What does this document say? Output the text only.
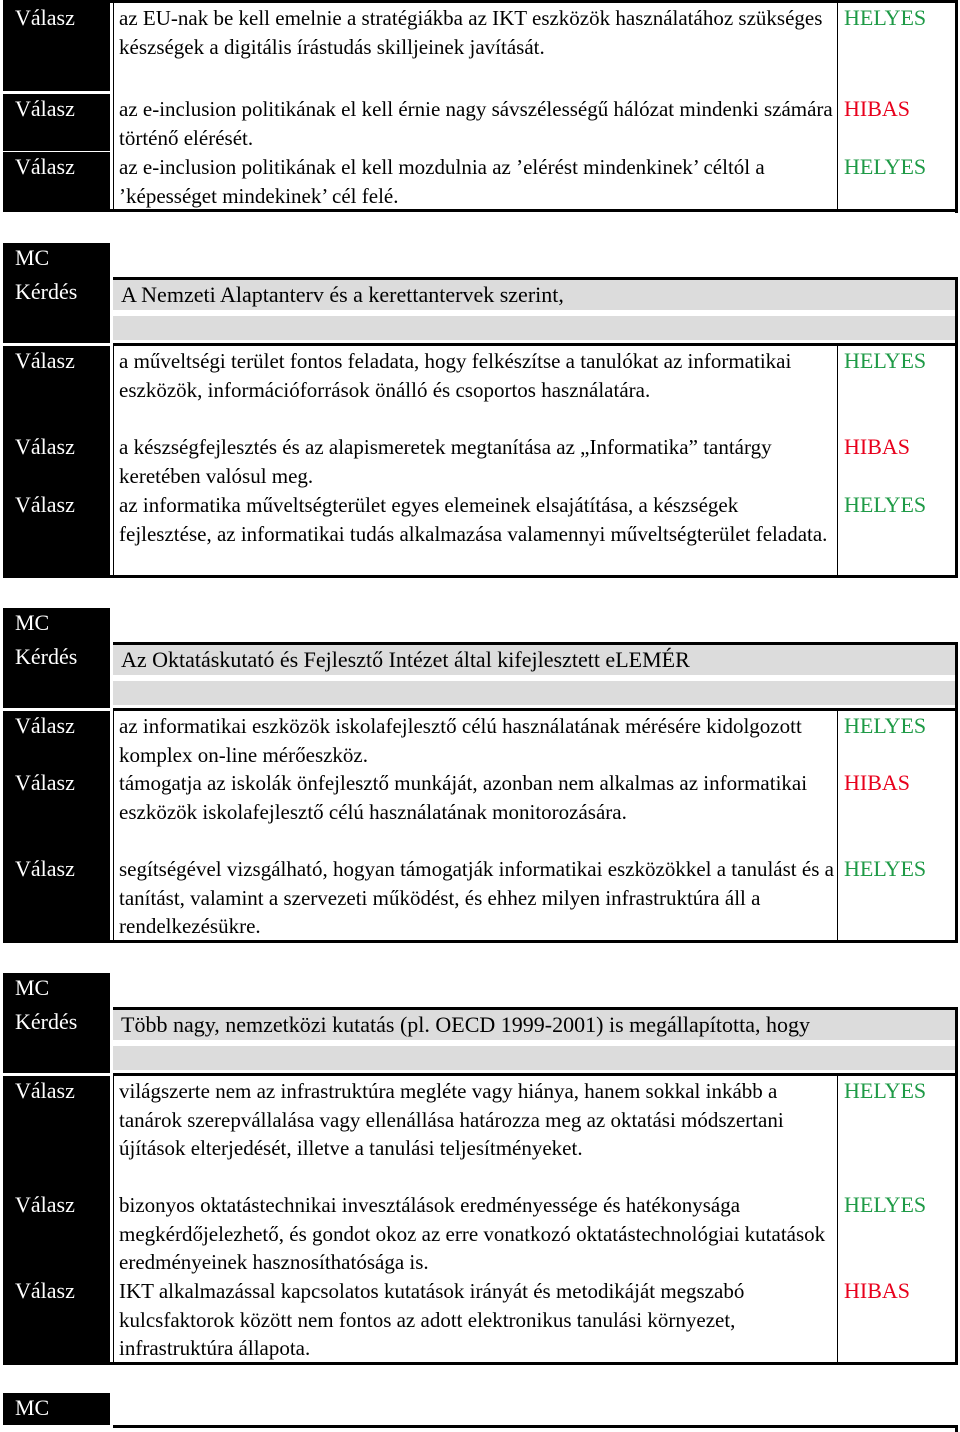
Válasz	az EU-nak be kell emelnie a stratégiákba az IKT eszközök használatához szükséges készségek a digitális írástudás skilljeinek javítását.
HELYES
Válasz	az e-inclusion politikának el kell érnie nagy sávszélességű hálózat mindenki számára történő elérését.
HIBAS
Válasz	az e-inclusion politikának el kell mozdulnia az ’elérést mindenkinek’ céltól a ’képességet mindekinek’ cél felé.
HELYES
MC
Kérdés	A Nemzeti Alaptanterv és a kerettantervek szerint,
Válasz	a műveltségi terület fontos feladata, hogy felkészítse a tanulókat az informatikai eszközök, információforrások önálló és csoportos használatára.
HELYES
Válasz	a készségfejlesztés és az alapismeretek megtanítása az „Informatika” tantárgy keretében valósul meg.
HIBAS
Válasz	az informatika műveltségterület egyes elemeinek elsajátítása, a készségek fejlesztése, az informatikai tudás alkalmazása valamennyi műveltségterület feladata.
HELYES
MC
Kérdés	Az Oktatáskutató és Fejlesztő Intézet által kifejlesztett eLEMÉR
Válasz	az informatikai eszközök iskolafejlesztő célú használatának mérésére kidolgozott komplex on-line mérőeszköz.
HELYES
Válasz	támogatja az iskolák önfejlesztő munkáját, azonban nem alkalmas az informatikai eszközök iskolafejlesztő célú használatának monitorozására.
HIBAS
Válasz	segítségével vizsgálható, hogyan támogatják informatikai eszközökkel a tanulást és a tanítást, valamint a szervezeti működést, és ehhez milyen infrastruktúra áll a rendelkezésükre.
HELYES
MC
Kérdés	Több nagy, nemzetközi kutatás (pl. OECD 1999-2001) is megállapította, hogy
Válasz	világszerte nem az infrastruktúra megléte vagy hiánya, hanem sokkal inkább a tanárok szerepvállalása vagy ellenállása határozza meg az oktatási módszertani újítások elterjedését, illetve a tanulási teljesítményeket.
HELYES
Válasz	bizonyos oktatástechnikai invesztálások eredményessége és hatékonysága megkérdőjelezhető, és gondot okoz az erre vonatkozó oktatástechnológiai kutatások eredményeinek hasznosíthatósága is.
HELYES
Válasz	IKT alkalmazással kapcsolatos kutatások irányát és metodikáját megszabó kulcsfaktorok között nem fontos az adott elektronikus tanulási környezet, infrastruktúra állapota.
HIBAS
MC
